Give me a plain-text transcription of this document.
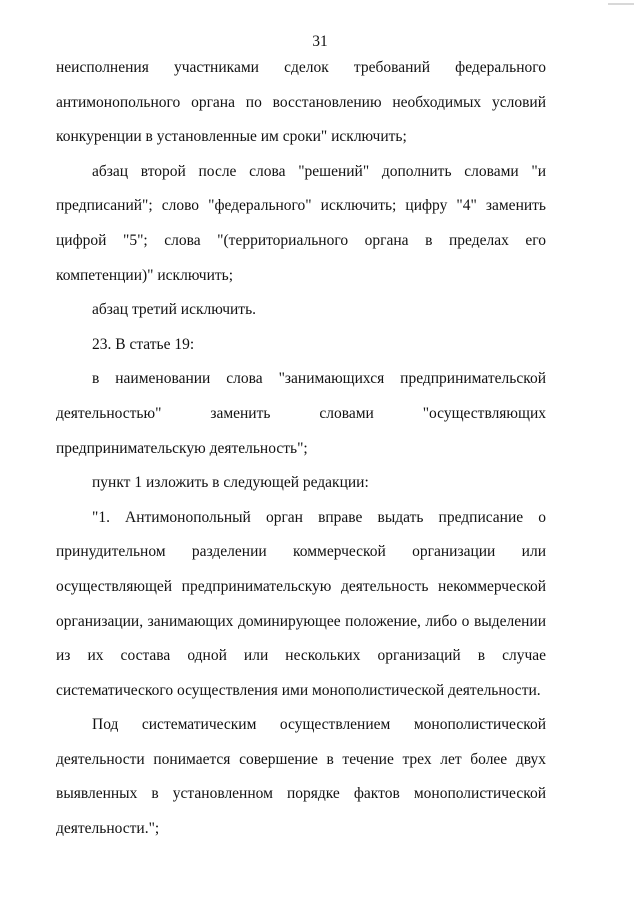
31
неисполнения участниками сделок требований федерального
антимонопольного органа по восстановлению необходимых условий
конкуренции в установленные им сроки" исключить;
абзац второй после слова "решений" дополнить словами "и
предписаний"; слово "федерального" исключить; цифру "4" заменить
цифрой "5"; слова "(территориального органа в пределах его
компетенции)" исключить;
абзац третий исключить.
23. В статье 19:
в наименовании слова "занимающихся предпринимательской
деятельностью" заменить словами "осуществляющих
предпринимательскую деятельность";
пункт 1 изложить в следующей редакции:
"1. Антимонопольный орган вправе выдать предписание о
принудительном разделении коммерческой организации или
осуществляющей предпринимательскую деятельность некоммерческой
организации, занимающих доминирующее положение, либо о выделении
из их состава одной или нескольких организаций в случае
систематического осуществления ими монополистической деятельности.
Под систематическим осуществлением монополистической
деятельности понимается совершение в течение трех лет более двух
выявленных в установленном порядке фактов монополистической
деятельности.";
